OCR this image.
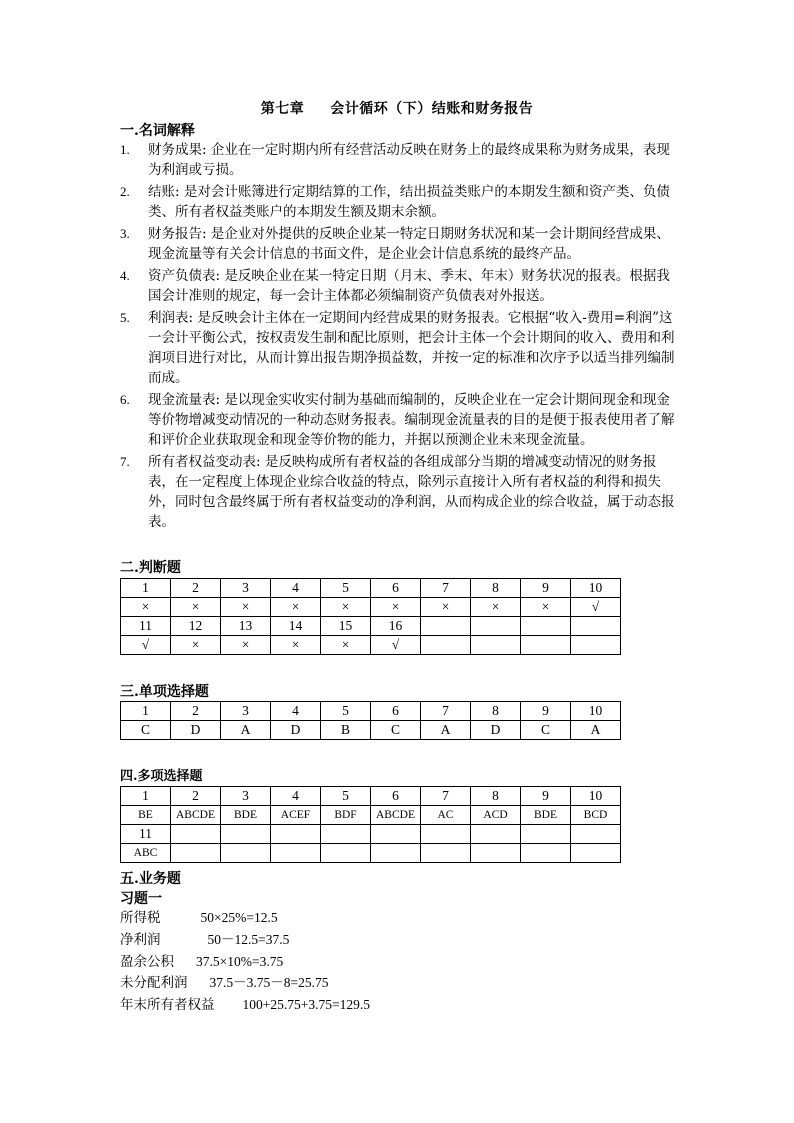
第七章 会计循环（下）结账和财务报告
一.名词解释
1.	财务成果: 企业在一定时期内所有经营活动反映在财务上的最终成果称为财务成果，表现为利润或亏损。
2.	结账: 是对会计账簿进行定期结算的工作，结出损益类账户的本期发生额和资产类、负债类、所有者权益类账户的本期发生额及期末余额。
3.	财务报告: 是企业对外提供的反映企业某一特定日期财务状况和某一会计期间经营成果、现金流量等有关会计信息的书面文件，是企业会计信息系统的最终产品。
4.	资产负债表: 是反映企业在某一特定日期（月末、季末、年末）财务状况的报表。根据我国会计准则的规定，每一会计主体都必须编制资产负债表对外报送。
5.	利润表: 是反映会计主体在一定期间内经营成果的财务报表。它根据“收入-费用=利润”这一会计平衡公式，按权责发生制和配比原则，把会计主体一个会计期间的收入、费用和利润项目进行对比，从而计算出报告期净损益数，并按一定的标准和次序予以适当排列编制而成。
6.	现金流量表: 是以现金实收实付制为基础而编制的，反映企业在一定会计期间现金和现金等价物增减变动情况的一种动态财务报表。编制现金流量表的目的是便于报表使用者了解和评价企业获取现金和现金等价物的能力，并据以预测企业未来现金流量。
7.	所有者权益变动表: 是反映构成所有者权益的各组成部分当期的增减变动情况的财务报表，在一定程度上体现企业综合收益的特点，除列示直接计入所有者权益的利得和损失外，同时包含最终属于所有者权益变动的净利润，从而构成企业的综合收益，属于动态报表。
二.判断题
1	2	3	4	5	6	7	8	9	10
×	×	×	×	×	×	×	×	×	√
11	12	13	14	15	16				
√	×	×	×	×	√				
三.单项选择题
1	2	3	4	5	6	7	8	9	10
C	D	A	D	B	C	A	D	C	A
四.多项选择题
1	2	3	4	5	6	7	8	9	10
BE	ABCDE	BDE	ACEF	BDF	ABCDE	AC	ACD	BDE	BCD
11									
ABC									
五.业务题
习题一
所得税	50×25%=12.5
净利润	50－12.5=37.5
盈余公积 37.5×10%=3.75
未分配利润 37.5－3.75－8=25.75
年末所有者权益 100+25.75+3.75=129.5
